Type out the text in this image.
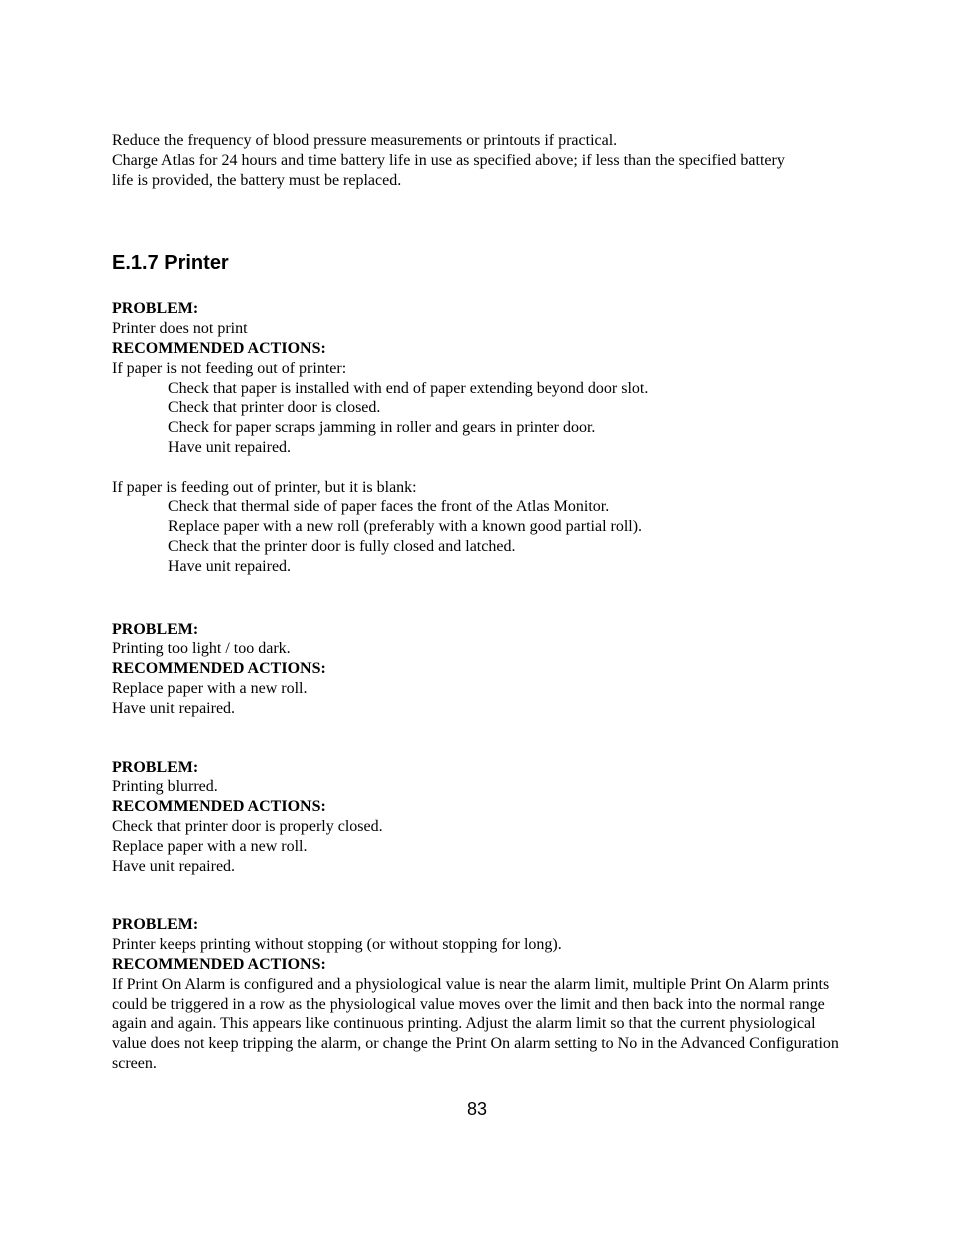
Reduce the frequency of blood pressure measurements or printouts if practical.
Charge Atlas for 24 hours and time battery life in use as specified above; if less than the specified battery
life is provided, the battery must be replaced.
E.1.7 Printer
PROBLEM:
Printer does not print
RECOMMENDED ACTIONS:
If paper is not feeding out of printer:
Check that paper is installed with end of paper extending beyond door slot.
Check that printer door is closed.
Check for paper scraps jamming in roller and gears in printer door.
Have unit repaired.
If paper is feeding out of printer, but it is blank:
Check that thermal side of paper faces the front of the Atlas Monitor.
Replace paper with a new roll (preferably with a known good partial roll).
Check that the printer door is fully closed and latched.
Have unit repaired.
PROBLEM:
Printing too light / too dark.
RECOMMENDED ACTIONS:
Replace paper with a new roll.
Have unit repaired.
PROBLEM:
Printing blurred.
RECOMMENDED ACTIONS:
Check that printer door is properly closed.
Replace paper with a new roll.
Have unit repaired.
PROBLEM:
Printer keeps printing without stopping (or without stopping for long).
RECOMMENDED ACTIONS:

If Print On Alarm is configured and a physiological value is near the alarm limit, multiple Print On Alarm prints could be triggered in a row as the physiological value moves over the limit and then back into the normal range again and again. This appears like continuous printing. Adjust the alarm limit so that the current physiological value does not keep tripping the alarm, or change the Print On alarm setting to No in the Advanced Configuration screen.

83
